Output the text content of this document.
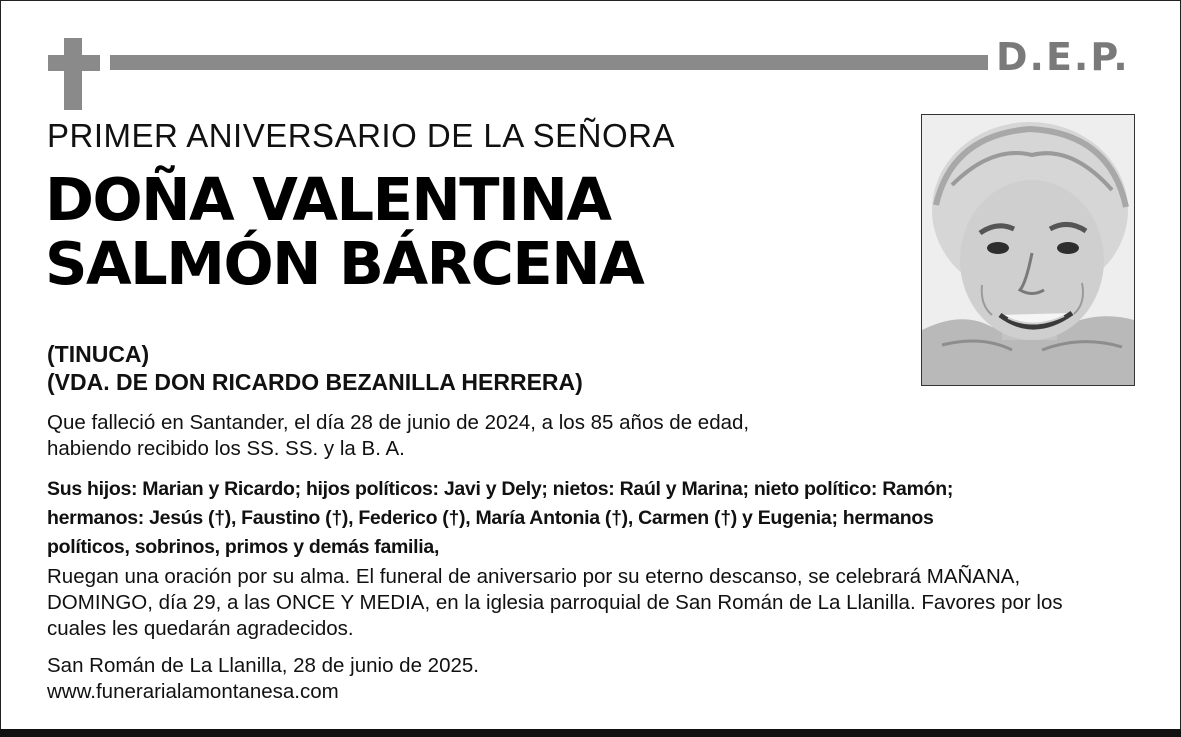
D.E.P.
PRIMER ANIVERSARIO DE LA SEÑORA
DOÑA VALENTINA
SALMÓN BÁRCENA
(TINUCA)
(VDA. DE DON RICARDO BEZANILLA HERRERA)
Que falleció en Santander, el día 28 de junio de 2024, a los 85 años de edad,
habiendo recibido los SS. SS. y la B. A.
Sus hijos: Marian y Ricardo; hijos políticos: Javi y Dely; nietos: Raúl y Marina; nieto político: Ramón;
hermanos: Jesús (†), Faustino (†), Federico (†), María Antonia (†), Carmen (†) y Eugenia; hermanos
políticos, sobrinos, primos y demás familia,
Ruegan una oración por su alma. El funeral de aniversario por su eterno descanso, se celebrará MAÑANA,
DOMINGO, día 29, a las ONCE Y MEDIA, en la iglesia parroquial de San Román de La Llanilla. Favores por los
cuales les quedarán agradecidos.
San Román de La Llanilla, 28 de junio de 2025.
www.funerarialamontanesa.com
